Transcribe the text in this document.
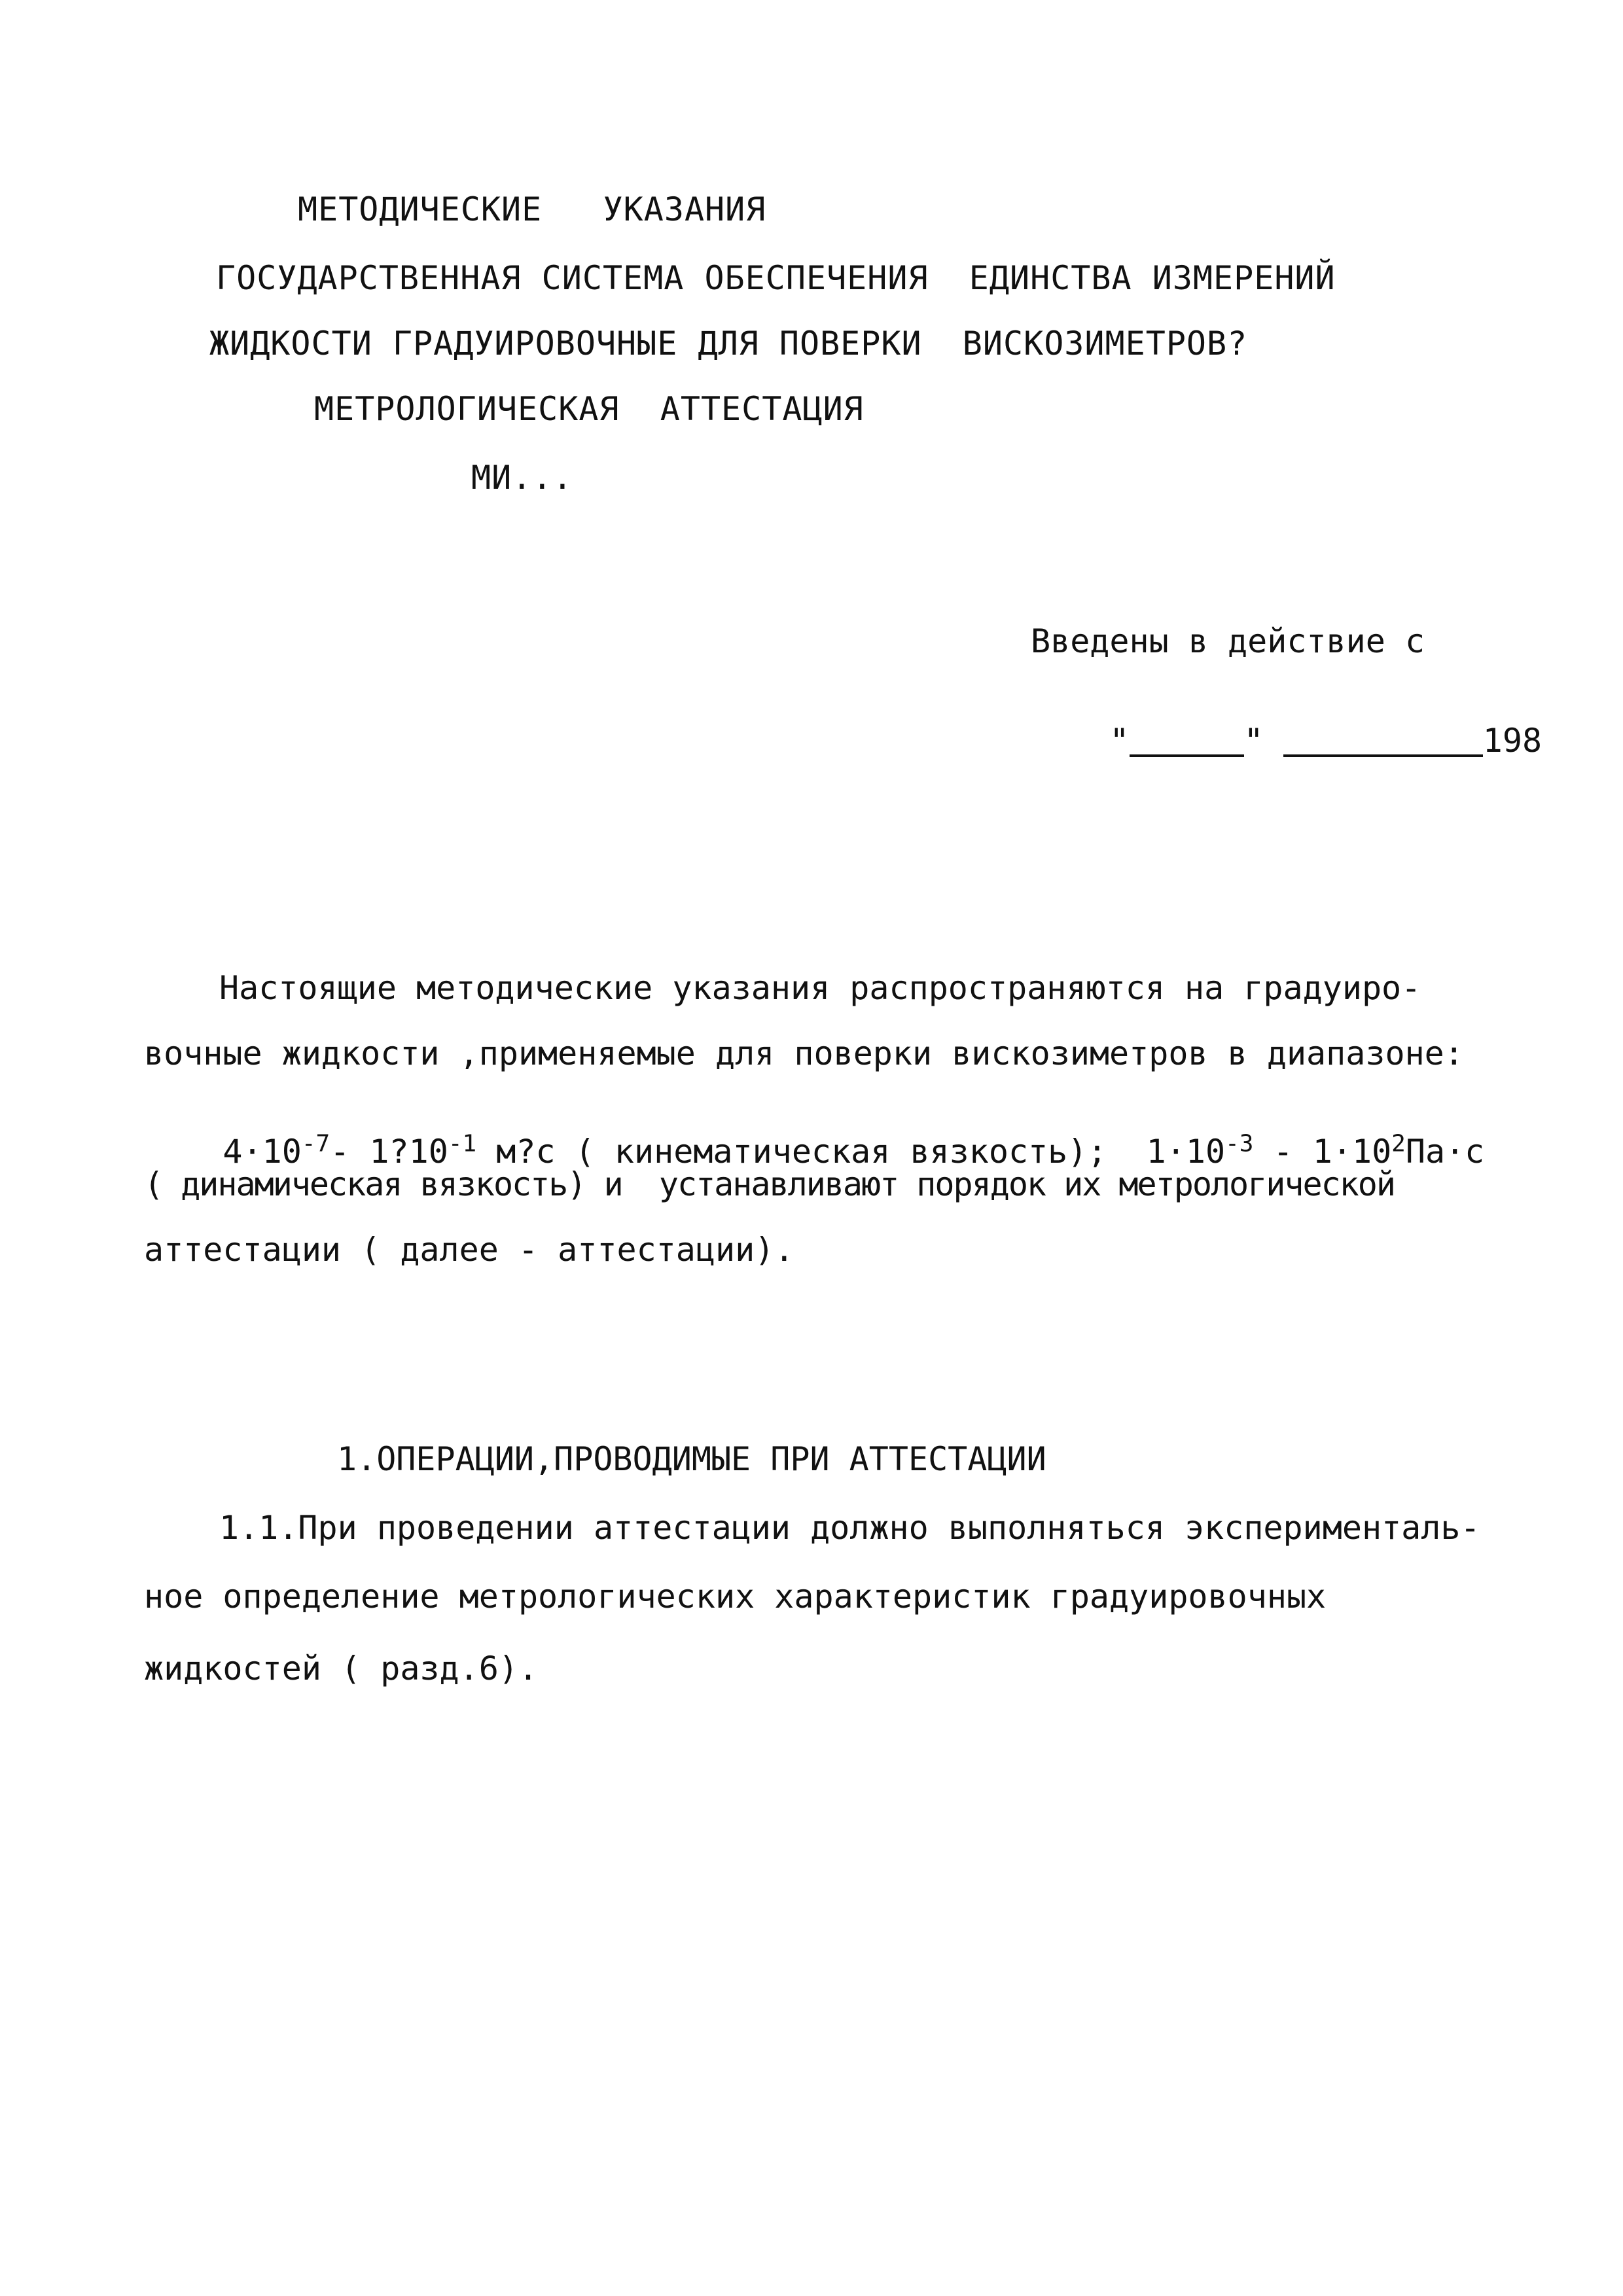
МЕТОДИЧЕСКИЕ   УКАЗАНИЯ
ГОСУДАРСТВЕННАЯ СИСТЕМА ОБЕСПЕЧЕНИЯ  ЕДИНСТВА ИЗМЕРЕНИЙ
ЖИДКОСТИ ГРАДУИРОВОЧНЫЕ ДЛЯ ПОВЕРКИ  ВИСКОЗИМЕТРОВ?
МЕТРОЛОГИЧЕСКАЯ  АТТЕСТАЦИЯ
МИ...
Введены в действие с

"	"	198

Настоящие методические указания распространяются на градуиро-
вочные жидкости ,применяемые для поверки вискозиметров в диапазоне:

$4\cdot 10^{-7}-$ $1?10^{-1}$ м?с ( кинематическая вязкость);  $1\cdot 10^{-3} - 1\cdot 10^2Па\cdot с$

( динамическая вязкость) и  устанавливают порядок их метрологической
аттестации ( далее - аттестации).
1.ОПЕРАЦИИ,ПРОВОДИМЫЕ ПРИ АТТЕСТАЦИИ
1.1.При проведении аттестации должно выполняться эксперименталь-
ное определение метрологических характеристик градуировочных
жидкостей ( разд.6).
